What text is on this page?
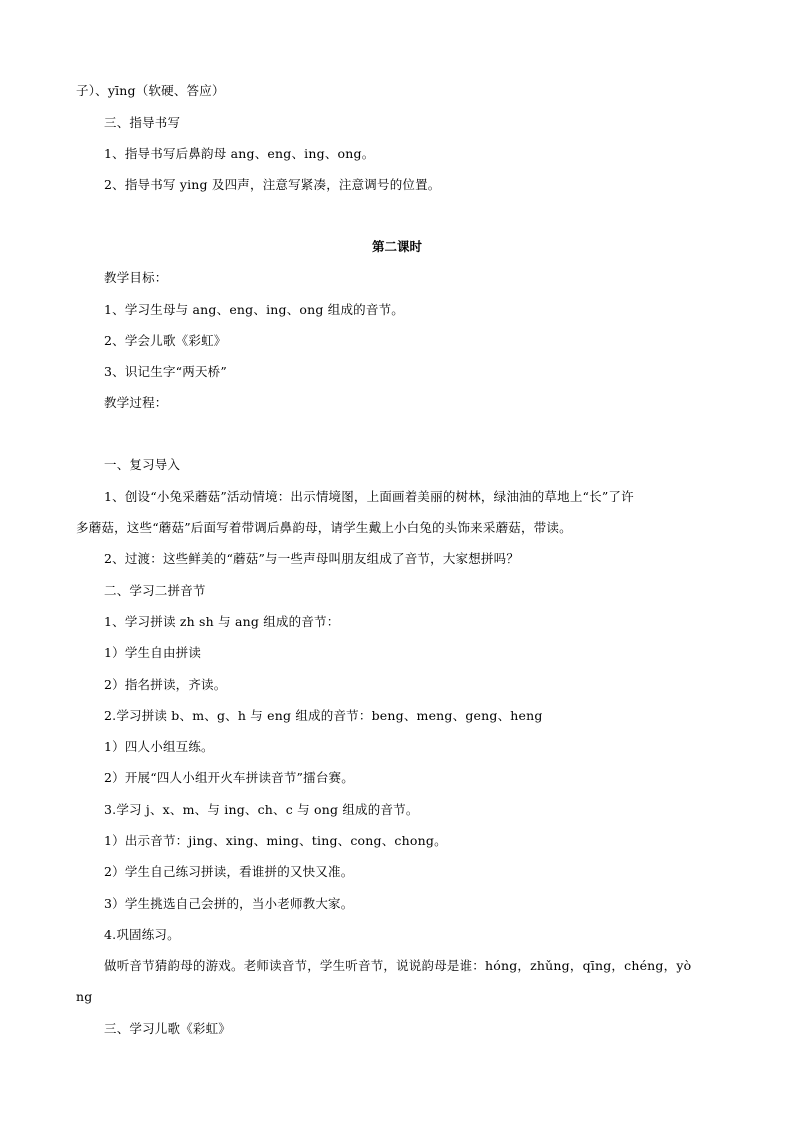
子）、yīng（软硬、答应）
三、指导书写
1、指导书写后鼻韵母 ang、eng、ing、ong。
2、指导书写 ying 及四声，注意写紧凑，注意调号的位置。
第二课时
教学目标：
1、学习生母与 ang、eng、ing、ong 组成的音节。
2、学会儿歌《彩虹》
3、识记生字“两天桥”
教学过程：
一、复习导入
1、创设“小兔采蘑菇”活动情境：出示情境图，上面画着美丽的树林，绿油油的草地上“长”了许
多蘑菇，这些“蘑菇”后面写着带调后鼻韵母，请学生戴上小白兔的头饰来采蘑菇，带读。
2、过渡：这些鲜美的“蘑菇”与一些声母叫朋友组成了音节，大家想拼吗？
二、学习二拼音节
1、学习拼读 zh sh 与 ang 组成的音节：
1）学生自由拼读
2）指名拼读，齐读。
2.学习拼读 b、m、g、h 与 eng 组成的音节：beng、meng、geng、heng
1）四人小组互练。
2）开展“四人小组开火车拼读音节”擂台赛。
3.学习 j、x、m、与 ing、ch、c 与 ong 组成的音节。
1）出示音节：jing、xing、ming、ting、cong、chong。
2）学生自己练习拼读，看谁拼的又快又准。
3）学生挑选自己会拼的，当小老师教大家。
4.巩固练习。
做听音节猜韵母的游戏。老师读音节，学生听音节，说说韵母是谁：hóng，zhǔng，qīng，chéng，yò
ng
三、学习儿歌《彩虹》
